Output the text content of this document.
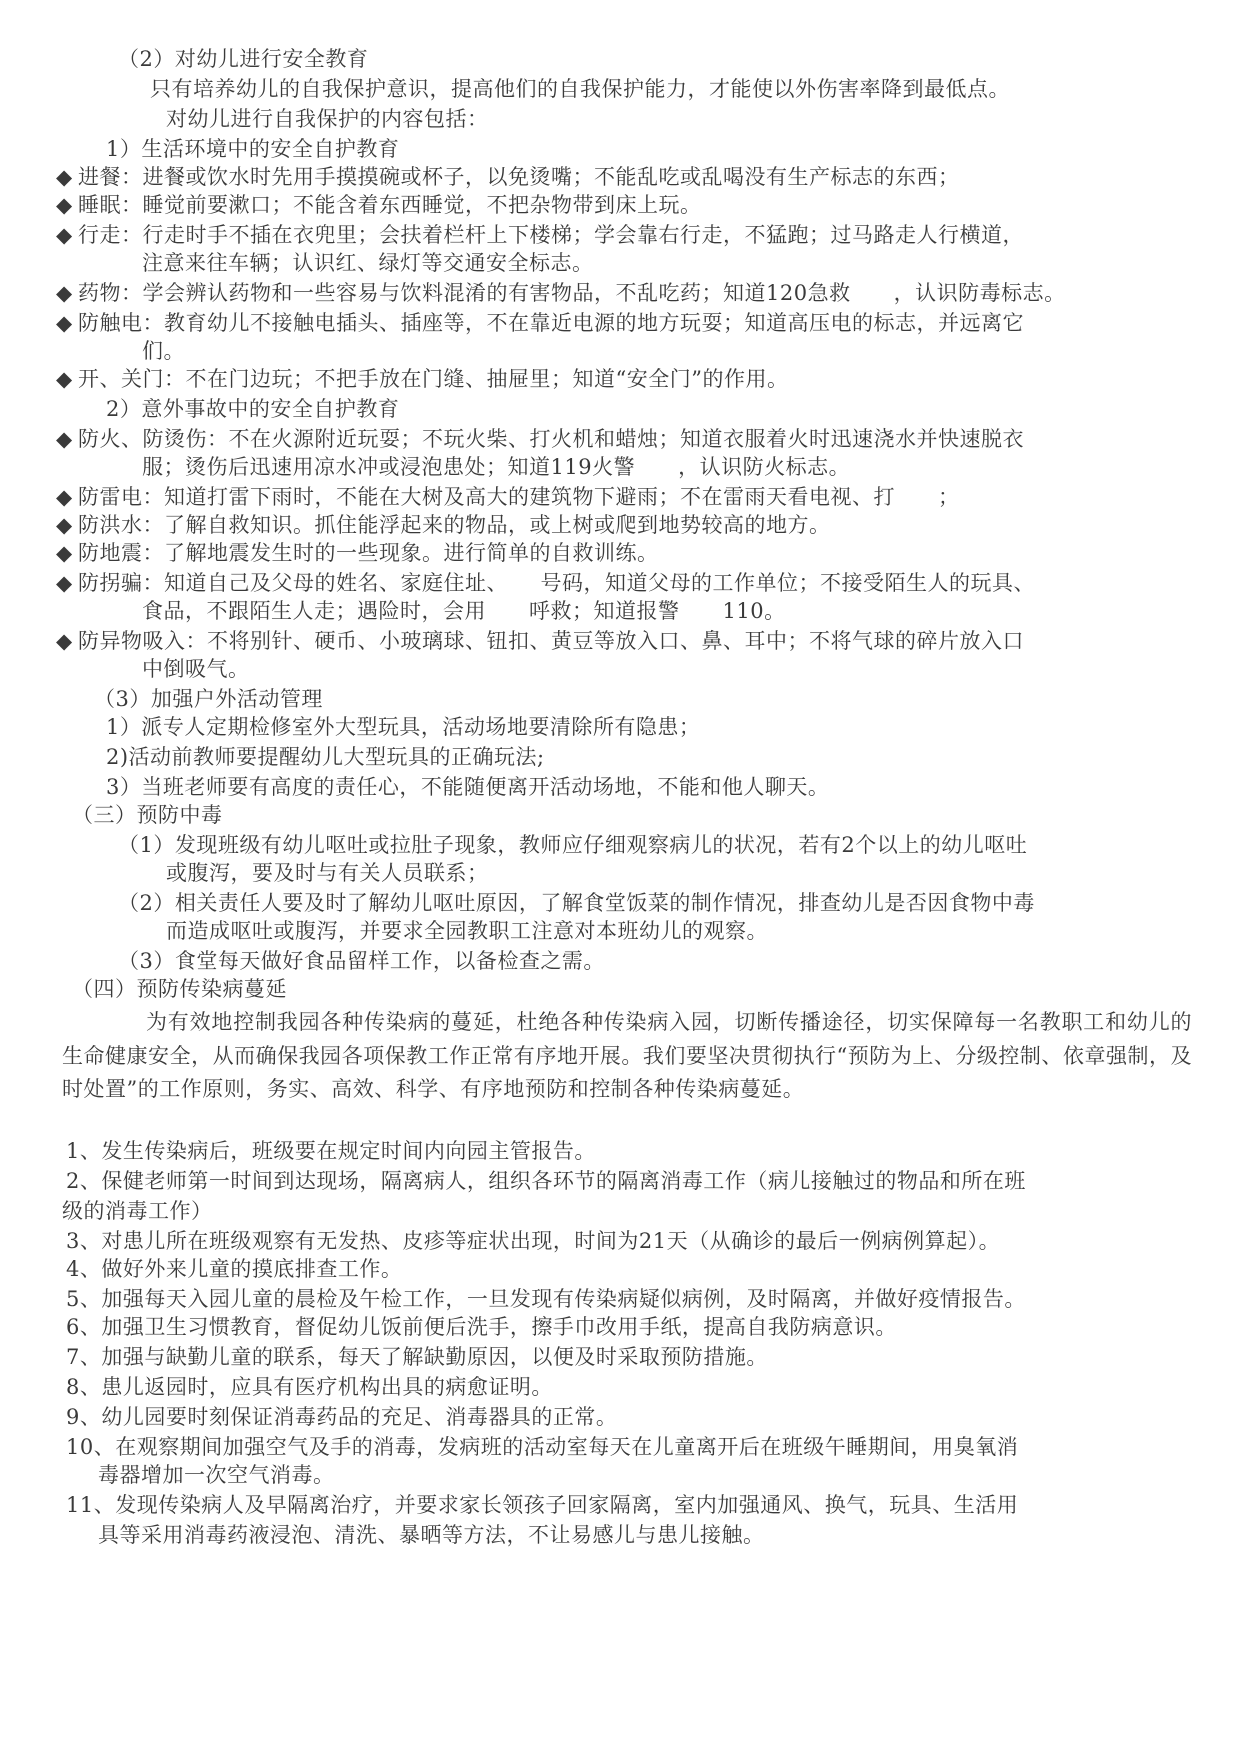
（2）对幼儿进行安全教育
只有培养幼儿的自我保护意识，提高他们的自我保护能力，才能使以外伤害率降到最低点。
对幼儿进行自我保护的内容包括：
1）生活环境中的安全自护教育
◆ 进餐：进餐或饮水时先用手摸摸碗或杯子，以免烫嘴；不能乱吃或乱喝没有生产标志的东西；
◆ 睡眠：睡觉前要漱口；不能含着东西睡觉，不把杂物带到床上玩。
◆ 行走：行走时手不插在衣兜里；会扶着栏杆上下楼梯；学会靠右行走，不猛跑；过马路走人行横道，
注意来往车辆；认识红、绿灯等交通安全标志。
◆ 药物：学会辨认药物和一些容易与饮料混淆的有害物品，不乱吃药；知道120急救　　，认识防毒标志。
◆ 防触电：教育幼儿不接触电插头、插座等，不在靠近电源的地方玩耍；知道高压电的标志，并远离它
们。
◆ 开、关门：不在门边玩；不把手放在门缝、抽屉里；知道“安全门”的作用。
2）意外事故中的安全自护教育
◆ 防火、防烫伤：不在火源附近玩耍；不玩火柴、打火机和蜡烛；知道衣服着火时迅速浇水并快速脱衣
服；烫伤后迅速用凉水冲或浸泡患处；知道119火警　　，认识防火标志。
◆ 防雷电：知道打雷下雨时，不能在大树及高大的建筑物下避雨；不在雷雨天看电视、打　　；
◆ 防洪水：了解自救知识。抓住能浮起来的物品，或上树或爬到地势较高的地方。
◆ 防地震：了解地震发生时的一些现象。进行简单的自救训练。
◆ 防拐骗：知道自己及父母的姓名、家庭住址、　　号码，知道父母的工作单位；不接受陌生人的玩具、
食品，不跟陌生人走；遇险时，会用　　呼救；知道报警　　110。
◆ 防异物吸入：不将别针、硬币、小玻璃球、钮扣、黄豆等放入口、鼻、耳中；不将气球的碎片放入口
中倒吸气。
（3）加强户外活动管理
1）派专人定期检修室外大型玩具，活动场地要清除所有隐患；
2)活动前教师要提醒幼儿大型玩具的正确玩法;
3）当班老师要有高度的责任心，不能随便离开活动场地，不能和他人聊天。
（三）预防中毒
（1）发现班级有幼儿呕吐或拉肚子现象，教师应仔细观察病儿的状况，若有2个以上的幼儿呕吐
或腹泻，要及时与有关人员联系；
（2）相关责任人要及时了解幼儿呕吐原因，了解食堂饭菜的制作情况，排查幼儿是否因食物中毒
而造成呕吐或腹泻，并要求全园教职工注意对本班幼儿的观察。
（3）食堂每天做好食品留样工作，以备检查之需。
（四）预防传染病蔓延
为有效地控制我园各种传染病的蔓延，杜绝各种传染病入园，切断传播途径，切实保障每一名教职工和幼儿的生命健康安全，从而确保我园各项保教工作正常有序地开展。我们要坚决贯彻执行“预防为上、分级控制、依章强制，及时处置”的工作原则，务实、高效、科学、有序地预防和控制各种传染病蔓延。
1、发生传染病后，班级要在规定时间内向园主管报告。
2、保健老师第一时间到达现场，隔离病人，组织各环节的隔离消毒工作（病儿接触过的物品和所在班
级的消毒工作）
3、对患儿所在班级观察有无发热、皮疹等症状出现，时间为21天（从确诊的最后一例病例算起）。
4、做好外来儿童的摸底排查工作。
5、加强每天入园儿童的晨检及午检工作，一旦发现有传染病疑似病例，及时隔离，并做好疫情报告。
6、加强卫生习惯教育，督促幼儿饭前便后洗手，擦手巾改用手纸，提高自我防病意识。
7、加强与缺勤儿童的联系，每天了解缺勤原因，以便及时采取预防措施。
8、患儿返园时，应具有医疗机构出具的病愈证明。
9、幼儿园要时刻保证消毒药品的充足、消毒器具的正常。
10、在观察期间加强空气及手的消毒，发病班的活动室每天在儿童离开后在班级午睡期间，用臭氧消
毒器增加一次空气消毒。
11、发现传染病人及早隔离治疗，并要求家长领孩子回家隔离，室内加强通风、换气，玩具、生活用
具等采用消毒药液浸泡、清洗、暴晒等方法，不让易感儿与患儿接触。
